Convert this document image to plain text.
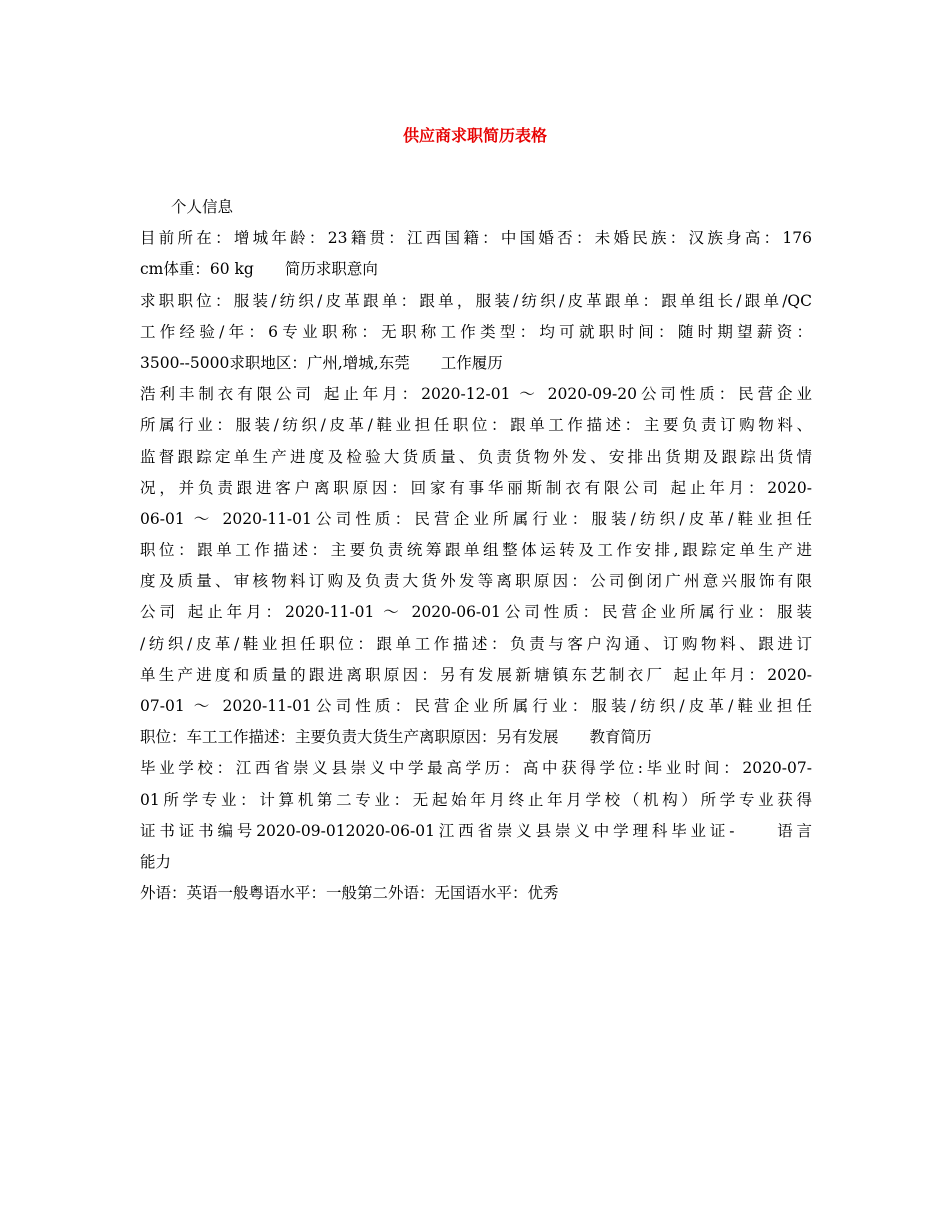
供应商求职简历表格
个人信息
目前所在：增城年龄：23籍贯：江西国籍：中国婚否：未婚民族：汉族身高：176
cm体重：60 kg　　简历求职意向
求职职位：服装/纺织/皮革跟单：跟单，服装/纺织/皮革跟单：跟单组长/跟单/QC
工作经验/年：6专业职称：无职称工作类型：均可就职时间：随时期望薪资：
3500--5000求职地区：广州,增城,东莞　　工作履历
浩利丰制衣有限公司 起止年月：2020-12-01 ～ 2020-09-20公司性质：民营企业
所属行业：服装/纺织/皮革/鞋业担任职位：跟单工作描述：主要负责订购物料、
监督跟踪定单生产进度及检验大货质量、负责货物外发、安排出货期及跟踪出货情
况，并负责跟进客户离职原因：回家有事华丽斯制衣有限公司 起止年月：2020-
06-01 ～ 2020-11-01公司性质：民营企业所属行业：服装/纺织/皮革/鞋业担任
职位：跟单工作描述：主要负责统筹跟单组整体运转及工作安排,跟踪定单生产进
度及质量、审核物料订购及负责大货外发等离职原因：公司倒闭广州意兴服饰有限
公司 起止年月：2020-11-01 ～ 2020-06-01公司性质：民营企业所属行业：服装
/纺织/皮革/鞋业担任职位：跟单工作描述：负责与客户沟通、订购物料、跟进订
单生产进度和质量的跟进离职原因：另有发展新塘镇东艺制衣厂 起止年月：2020-
07-01 ～ 2020-11-01公司性质：民营企业所属行业：服装/纺织/皮革/鞋业担任
职位：车工工作描述：主要负责大货生产离职原因：另有发展　　教育简历
毕业学校：江西省崇义县崇义中学最高学历：高中获得学位:毕业时间：2020-07-
01所学专业：计算机第二专业：无起始年月终止年月学校（机构）所学专业获得
证书证书编号2020-09-012020-06-01江西省崇义县崇义中学理科毕业证-　　语言
能力
外语：英语一般粤语水平：一般第二外语：无国语水平：优秀
